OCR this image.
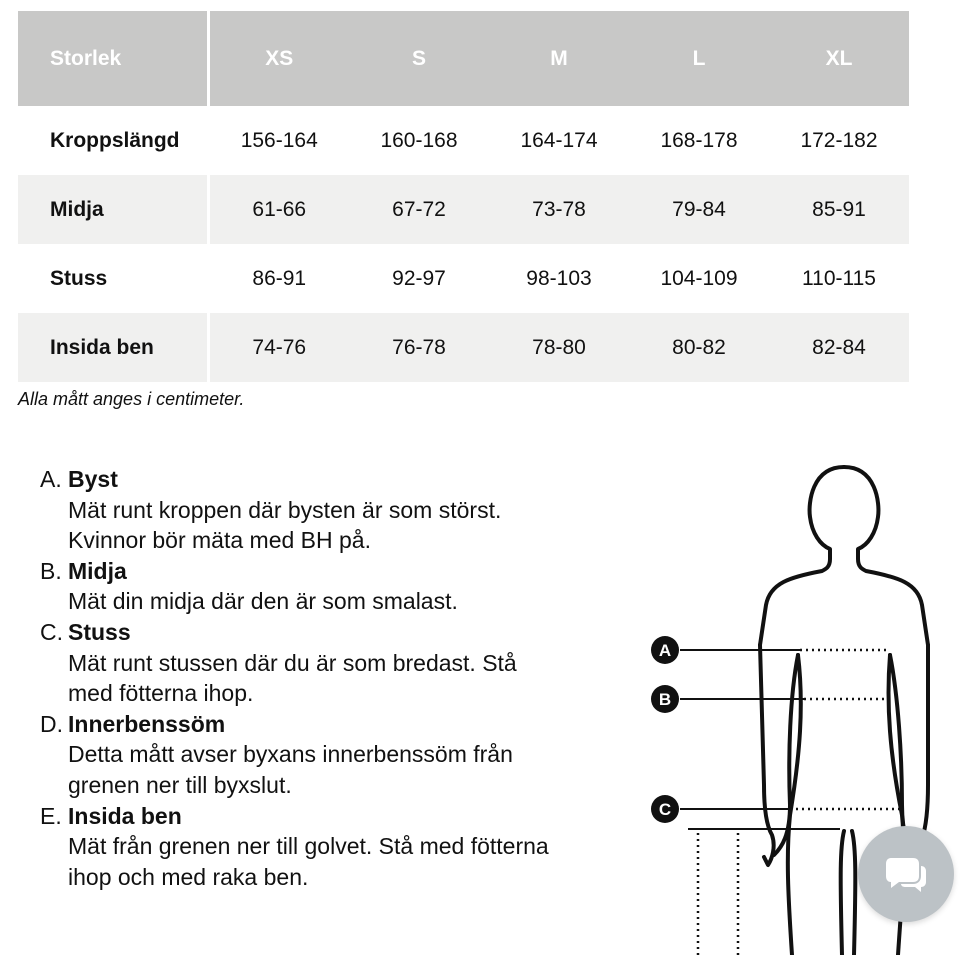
Storlek	XS	S	M	L	XL
Kroppslängd	156-164	160-168	164-174	168-178	172-182
Midja	61-66	67-72	73-78	79-84	85-91
Stuss	86-91	92-97	98-103	104-109	110-115
Insida ben	74-76	76-78	78-80	80-82	82-84
Alla mått anges i centimeter.
A. Byst
Mät runt kroppen där bysten är som störst.
Kvinnor bör mäta med BH på.
B. Midja
Mät din midja där den är som smalast.
C. Stuss
Mät runt stussen där du är som bredast. Stå
med fötterna ihop.
D. Innerbenssöm
Detta mått avser byxans innerbenssöm från
grenen ner till byxslut.
E. Insida ben
Mät från grenen ner till golvet. Stå med fötterna
ihop och med raka ben.
A
B
C
